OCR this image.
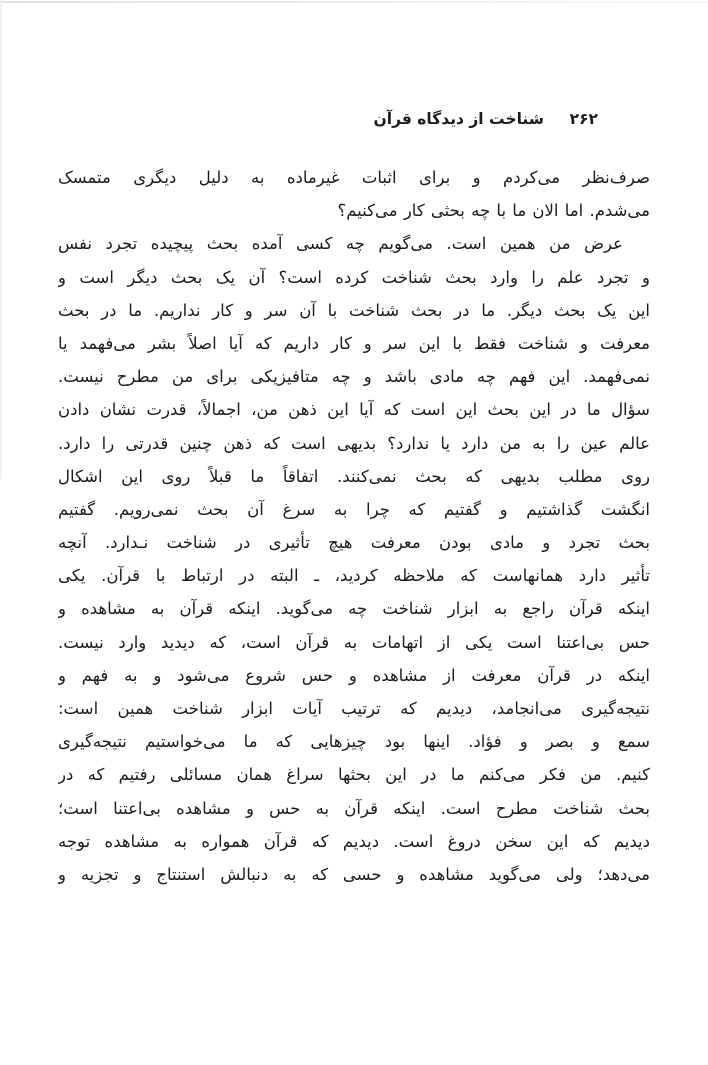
۲۶۲ شناخت از دیدگاه قرآن
صرف‌نظر می‌کردم و برای اثبات غیرماده به دلیل دیگری متمسک
می‌شدم. اما الان ما با چه بحثی کار می‌کنیم؟
عرض من همین است. می‌گویم چه کسی آمده بحث پیچیده تجرد نفس
و تجرد علم را وارد بحث شناخت کرده است؟ آن یک بحث دیگر است و
این یک بحث دیگر. ما در بحث شناخت با آن سر و کار نداریم. ما در بحث
معرفت و شناخت فقط با این سر و کار داریم که آیا اصلاً بشر می‌فهمد یا
نمی‌فهمد. این فهم چه مادی باشد و چه متافیزیکی برای من مطرح نیست.
سؤال ما در این بحث این است که آیا این ذهن من، اجمالاً، قدرت نشان دادن
عالم عین را به من دارد یا ندارد؟ بدیهی است که ذهن چنین قدرتی را دارد.
روی مطلب بدیهی که بحث نمی‌کنند. اتفاقاً ما قبلاً روی این اشکال
انگشت گذاشتیم و گفتیم که چرا به سرغ آن بحث نمی‌رویم. گفتیم
بحث تجرد و مادی بودن معرفت هیچ تأثیری در شناخت نـدارد. آنچه
تأثیر دارد همانهاست که ملاحظه کردید، ـ البته در ارتباط با قرآن. یکی
اینکه قرآن راجع به ابزار شناخت چه می‌گوید. اینکه قرآن به مشاهده و
حس بی‌اعتنا است یکی از اتهامات به قرآن است، که دیدید وارد نیست.
اینکه در قرآن معرفت از مشاهده و حس شروع می‌شود و به فهم و
نتیجه‌گیری می‌انجامد، دیدیم که ترتیب آیات ابزار شناخت همین است:
سمع و بصر و فؤاد. اینها بود چیزهایی که ما می‌خواستیم نتیجه‌گیری
کنیم. من فکر می‌کنم ما در این بحثها سراغ همان مسائلی رفتیم که در
بحث شناخت مطرح است. اینکه قرآن به حس و مشاهده بی‌اعتنا است؛
دیدیم که این سخن دروغ است. دیدیم که قرآن همواره به مشاهده توجه
می‌دهد؛ ولی می‌گوید مشاهده و حسی که به دنبالش استنتاج و تجزیه و
